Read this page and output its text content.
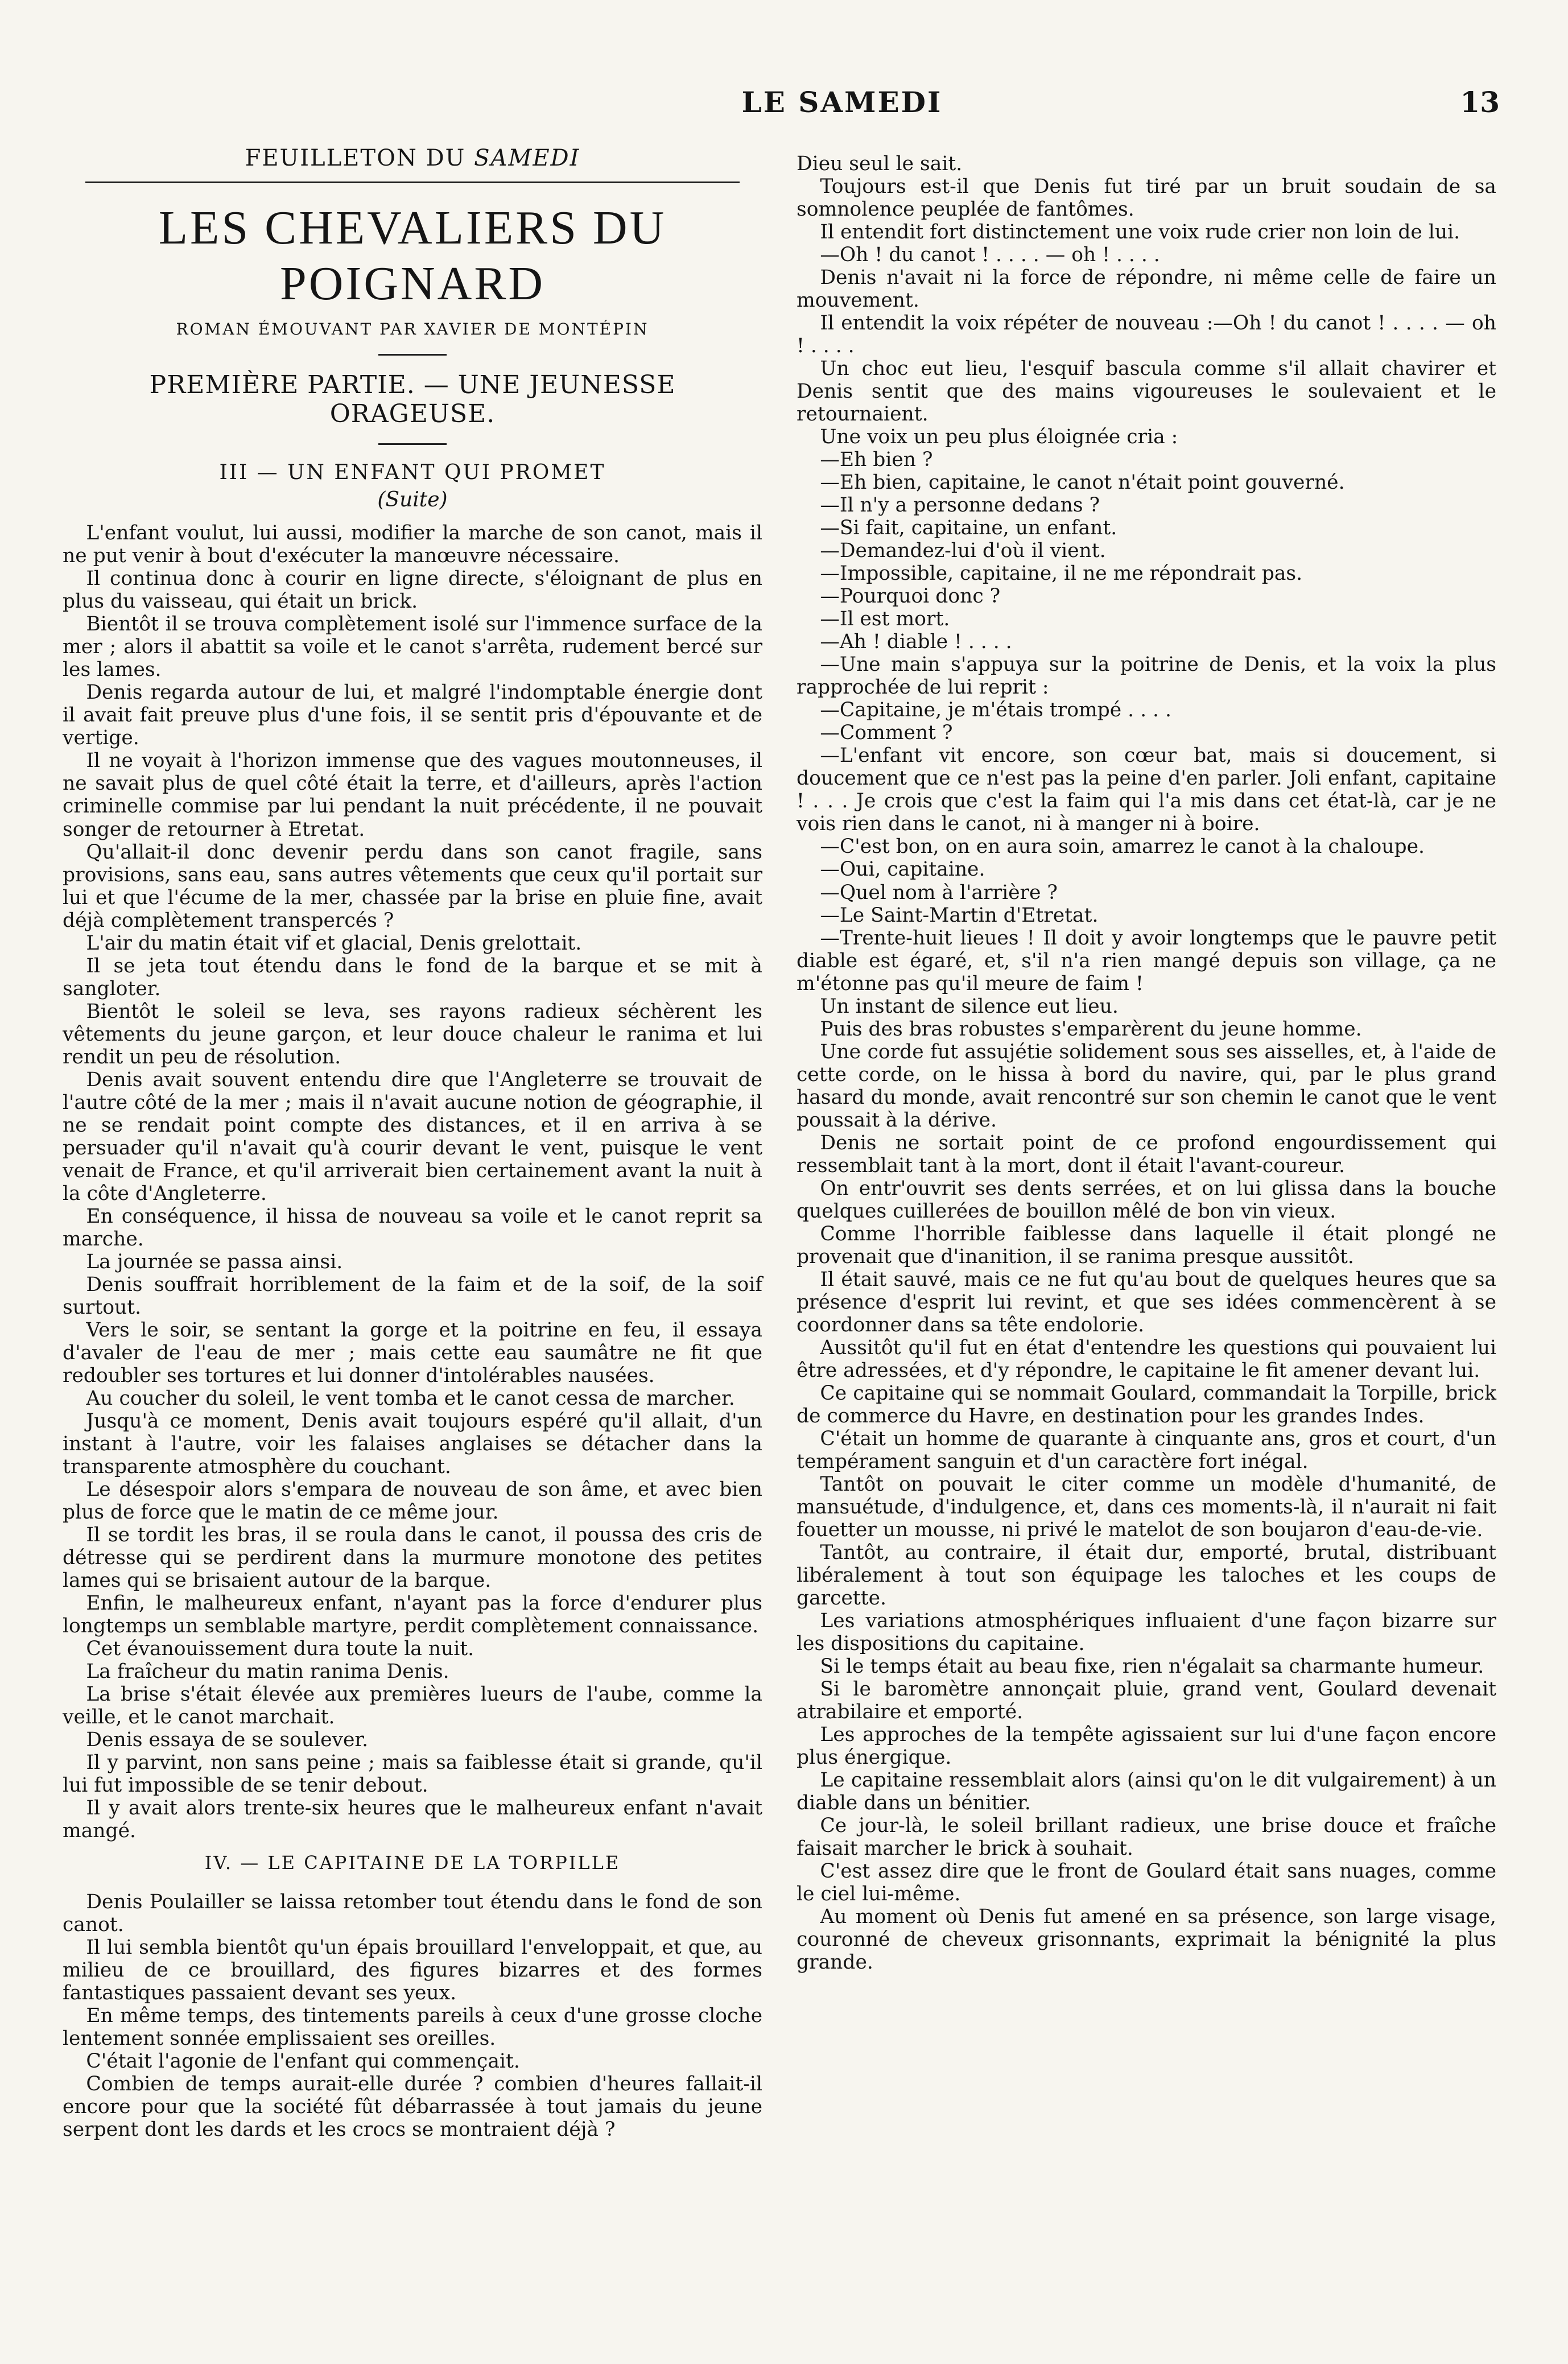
LE SAMEDI	13
FEUILLETON DU SAMEDI
LES CHEVALIERS DU POIGNARD
ROMAN ÉMOUVANT PAR XAVIER DE MONTÉPIN
PREMIÈRE PARTIE. — UNE JEUNESSE ORAGEUSE.
III — UN ENFANT QUI PROMET
(Suite)

L'enfant voulut, lui aussi, modifier la marche de son canot, mais il ne put venir à bout d'exécuter la manœuvre nécessaire.

Il continua donc à courir en ligne directe, s'éloignant de plus en plus du vaisseau, qui était un brick.

Bientôt il se trouva complètement isolé sur l'immence surface de la mer ; alors il abattit sa voile et le canot s'arrêta, rudement bercé sur les lames.

Denis regarda autour de lui, et malgré l'indomptable énergie dont il avait fait preuve plus d'une fois, il se sentit pris d'épouvante et de vertige.

Il ne voyait à l'horizon immense que des vagues moutonneuses, il ne savait plus de quel côté était la terre, et d'ailleurs, après l'action criminelle commise par lui pendant la nuit précédente, il ne pouvait songer de retourner à Etretat.

Qu'allait-il donc devenir perdu dans son canot fragile, sans provisions, sans eau, sans autres vêtements que ceux qu'il portait sur lui et que l'écume de la mer, chassée par la brise en pluie fine, avait déjà complètement transpercés ?

L'air du matin était vif et glacial, Denis grelottait.

Il se jeta tout étendu dans le fond de la barque et se mit à sangloter.

Bientôt le soleil se leva, ses rayons radieux séchèrent les vêtements du jeune garçon, et leur douce chaleur le ranima et lui rendit un peu de résolution.

Denis avait souvent entendu dire que l'Angleterre se trouvait de l'autre côté de la mer ; mais il n'avait aucune notion de géographie, il ne se rendait point compte des distances, et il en arriva à se persuader qu'il n'avait qu'à courir devant le vent, puisque le vent venait de France, et qu'il arriverait bien certainement avant la nuit à la côte d'Angleterre.

En conséquence, il hissa de nouveau sa voile et le canot reprit sa marche.

La journée se passa ainsi.

Denis souffrait horriblement de la faim et de la soif, de la soif surtout.

Vers le soir, se sentant la gorge et la poitrine en feu, il essaya d'avaler de l'eau de mer ; mais cette eau saumâtre ne fit que redoubler ses tortures et lui donner d'intolérables nausées.

Au coucher du soleil, le vent tomba et le canot cessa de marcher.

Jusqu'à ce moment, Denis avait toujours espéré qu'il allait, d'un instant à l'autre, voir les falaises anglaises se détacher dans la transparente atmosphère du couchant.

Le désespoir alors s'empara de nouveau de son âme, et avec bien plus de force que le matin de ce même jour.

Il se tordit les bras, il se roula dans le canot, il poussa des cris de détresse qui se perdirent dans la murmure monotone des petites lames qui se brisaient autour de la barque.

Enfin, le malheureux enfant, n'ayant pas la force d'endurer plus longtemps un semblable martyre, perdit complètement connaissance.

Cet évanouissement dura toute la nuit.

La fraîcheur du matin ranima Denis.

La brise s'était élevée aux premières lueurs de l'aube, comme la veille, et le canot marchait.

Denis essaya de se soulever.

Il y parvint, non sans peine ; mais sa faiblesse était si grande, qu'il lui fut impossible de se tenir debout.

Il y avait alors trente-six heures que le malheureux enfant n'avait mangé.

IV. — LE CAPITAINE DE LA TORPILLE

Denis Poulailler se laissa retomber tout étendu dans le fond de son canot.

Il lui sembla bientôt qu'un épais brouillard l'enveloppait, et que, au milieu de ce brouillard, des figures bizarres et des formes fantastiques passaient devant ses yeux.

En même temps, des tintements pareils à ceux d'une grosse cloche lentement sonnée emplissaient ses oreilles.

C'était l'agonie de l'enfant qui commençait.

Combien de temps aurait-elle durée ? combien d'heures fallait-il encore pour que la société fût débarrassée à tout jamais du jeune serpent dont les dards et les crocs se montraient déjà ?

Dieu seul le sait.

Toujours est-il que Denis fut tiré par un bruit soudain de sa somnolence peuplée de fantômes.

Il entendit fort distinctement une voix rude crier non loin de lui.

—Oh ! du canot ! . . . . — oh ! . . . .

Denis n'avait ni la force de répondre, ni même celle de faire un mouvement.

Il entendit la voix répéter de nouveau :—Oh ! du canot ! . . . . — oh ! . . . .

Un choc eut lieu, l'esquif bascula comme s'il allait chavirer et Denis sentit que des mains vigoureuses le soulevaient et le retournaient.

Une voix un peu plus éloignée cria :

—Eh bien ?

—Eh bien, capitaine, le canot n'était point gouverné.

—Il n'y a personne dedans ?

—Si fait, capitaine, un enfant.

—Demandez-lui d'où il vient.

—Impossible, capitaine, il ne me répondrait pas.

—Pourquoi donc ?

—Il est mort.

—Ah ! diable ! . . . .

—Une main s'appuya sur la poitrine de Denis, et la voix la plus rapprochée de lui reprit :

—Capitaine, je m'étais trompé . . . .

—Comment ?

—L'enfant vit encore, son cœur bat, mais si doucement, si doucement que ce n'est pas la peine d'en parler. Joli enfant, capitaine ! . . . Je crois que c'est la faim qui l'a mis dans cet état-là, car je ne vois rien dans le canot, ni à manger ni à boire.

—C'est bon, on en aura soin, amarrez le canot à la chaloupe.

—Oui, capitaine.

—Quel nom à l'arrière ?

—Le Saint-Martin d'Etretat.

—Trente-huit lieues ! Il doit y avoir longtemps que le pauvre petit diable est égaré, et, s'il n'a rien mangé depuis son village, ça ne m'étonne pas qu'il meure de faim !

Un instant de silence eut lieu.

Puis des bras robustes s'emparèrent du jeune homme.

Une corde fut assujétie solidement sous ses aisselles, et, à l'aide de cette corde, on le hissa à bord du navire, qui, par le plus grand hasard du monde, avait rencontré sur son chemin le canot que le vent poussait à la dérive.

Denis ne sortait point de ce profond engourdissement qui ressemblait tant à la mort, dont il était l'avant-coureur.

On entr'ouvrit ses dents serrées, et on lui glissa dans la bouche quelques cuillerées de bouillon mêlé de bon vin vieux.

Comme l'horrible faiblesse dans laquelle il était plongé ne provenait que d'inanition, il se ranima presque aussitôt.

Il était sauvé, mais ce ne fut qu'au bout de quelques heures que sa présence d'esprit lui revint, et que ses idées commencèrent à se coordonner dans sa tête endolorie.

Aussitôt qu'il fut en état d'entendre les questions qui pouvaient lui être adressées, et d'y répondre, le capitaine le fit amener devant lui.

Ce capitaine qui se nommait Goulard, commandait la Torpille, brick de commerce du Havre, en destination pour les grandes Indes.

C'était un homme de quarante à cinquante ans, gros et court, d'un tempérament sanguin et d'un caractère fort inégal.

Tantôt on pouvait le citer comme un modèle d'humanité, de mansuétude, d'indulgence, et, dans ces moments-là, il n'aurait ni fait fouetter un mousse, ni privé le matelot de son boujaron d'eau-de-vie.

Tantôt, au contraire, il était dur, emporté, brutal, distribuant libéralement à tout son équipage les taloches et les coups de garcette.

Les variations atmosphériques influaient d'une façon bizarre sur les dispositions du capitaine.

Si le temps était au beau fixe, rien n'égalait sa charmante humeur.

Si le baromètre annonçait pluie, grand vent, Goulard devenait atrabilaire et emporté.

Les approches de la tempête agissaient sur lui d'une façon encore plus énergique.

Le capitaine ressemblait alors (ainsi qu'on le dit vulgairement) à un diable dans un bénitier.

Ce jour-là, le soleil brillant radieux, une brise douce et fraîche faisait marcher le brick à souhait.

C'est assez dire que le front de Goulard était sans nuages, comme le ciel lui-même.

Au moment où Denis fut amené en sa présence, son large visage, couronné de cheveux grisonnants, exprimait la bénignité la plus grande.
